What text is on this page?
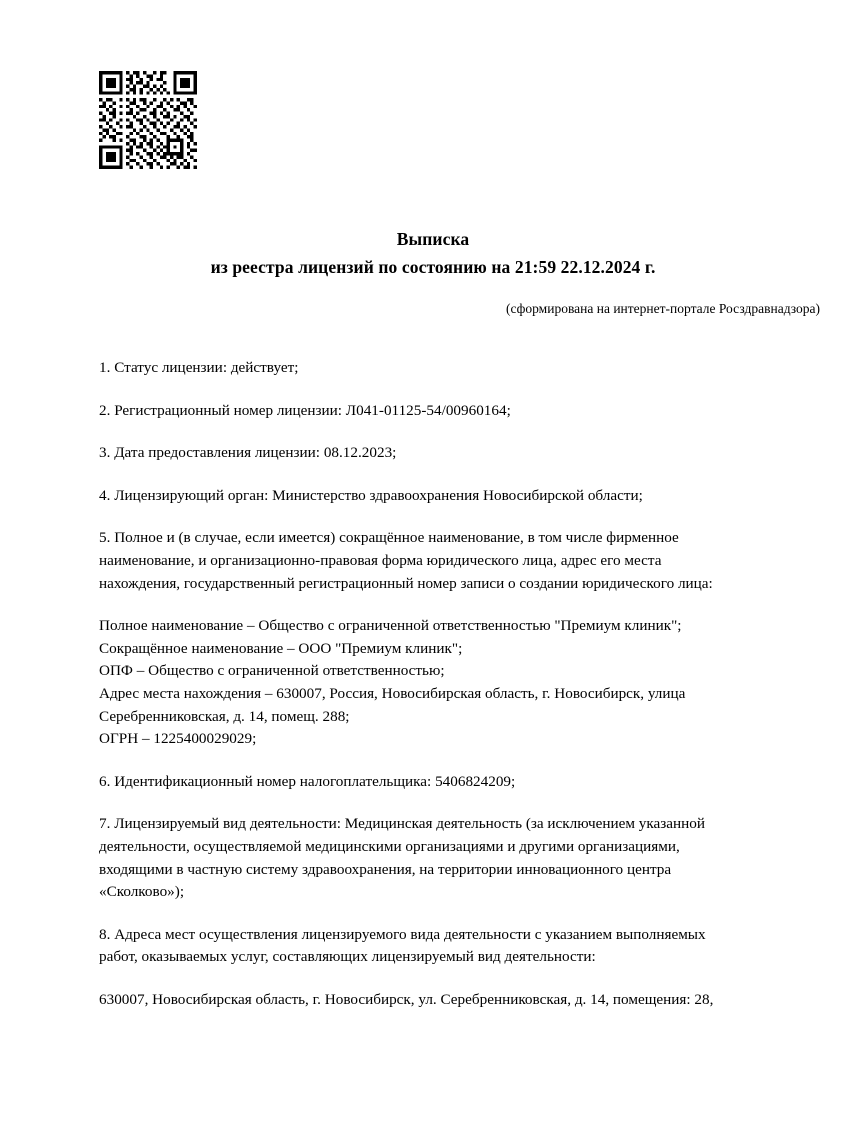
Выписка
из реестра лицензий по состоянию на 21:59 22.12.2024 г.
(сформирована на интернет-портале Росздравнадзора)

1. Статус лицензии: действует;

2. Регистрационный номер лицензии: Л041-01125-54/00960164;

3. Дата предоставления лицензии: 08.12.2023;

4. Лицензирующий орган: Министерство здравоохранения Новосибирской области;

5. Полное и (в случае, если имеется) сокращённое наименование, в том числе фирменное
наименование, и организационно-правовая форма юридического лица, адрес его места
нахождения, государственный регистрационный номер записи о создании юридического лица:

Полное наименование – Общество с ограниченной ответственностью "Премиум клиник";
Сокращённое наименование – ООО "Премиум клиник";
ОПФ – Общество с ограниченной ответственностью;
Адрес места нахождения – 630007, Россия, Новосибирская область, г. Новосибирск, улица
Серебренниковская, д. 14, помещ. 288;
ОГРН – 1225400029029;

6. Идентификационный номер налогоплательщика: 5406824209;

7. Лицензируемый вид деятельности: Медицинская деятельность (за исключением указанной
деятельности, осуществляемой медицинскими организациями и другими организациями,
входящими в частную систему здравоохранения, на территории инновационного центра
«Сколково»);

8. Адреса мест осуществления лицензируемого вида деятельности с указанием выполняемых
работ, оказываемых услуг, составляющих лицензируемый вид деятельности:

630007, Новосибирская область, г. Новосибирск, ул. Серебренниковская, д. 14, помещения: 28,
